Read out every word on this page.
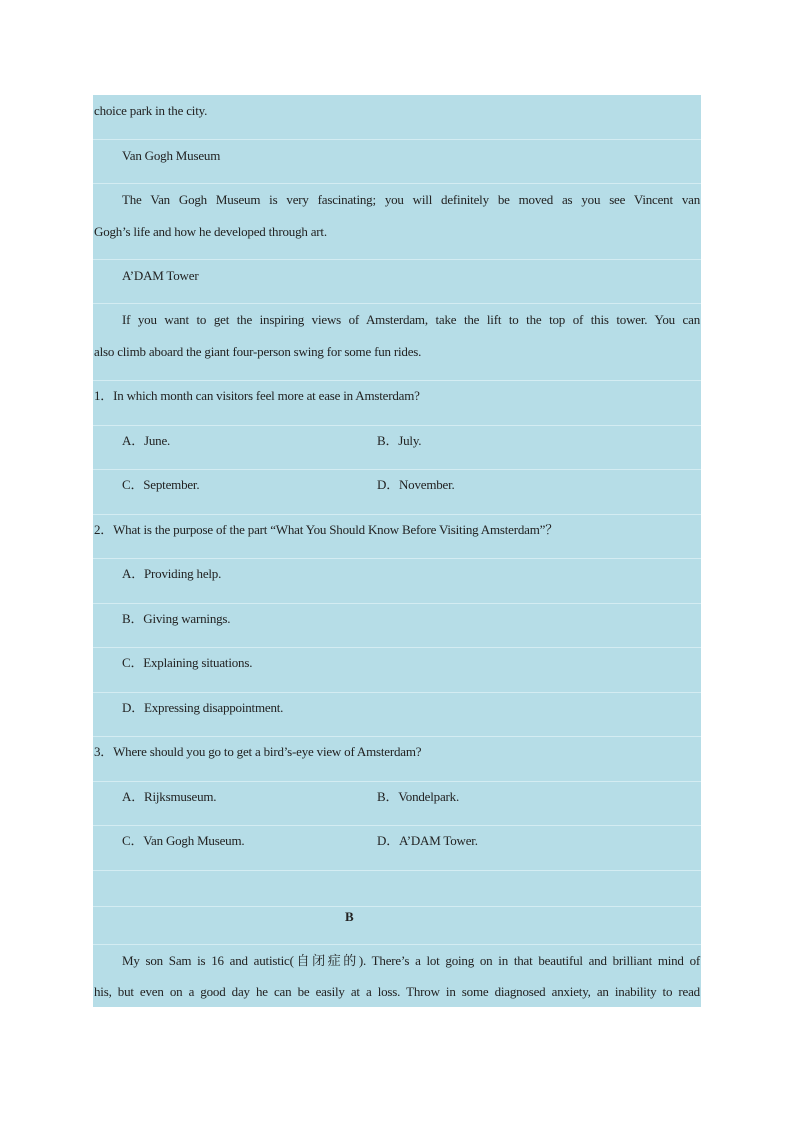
choice park in the city.
Van Gogh Museum
The Van Gogh Museum is very fascinating; you will definitely be moved as you see Vincent van
Gogh’s life and how he developed through art.
A’DAM Tower
If you want to get the inspiring views of Amsterdam, take the lift to the top of this tower. You can
also climb aboard the giant four-person swing for some fun rides.
1．In which month can visitors feel more at ease in Amsterdam?
A．June.	B．July.
C．September.	D．November.
2．What is the purpose of the part “What You Should Know Before Visiting Amsterdam”？
A．Providing help.
B．Giving warnings.
C．Explaining situations.
D．Expressing disappointment.
3．Where should you go to get a bird’s-eye view of Amsterdam?
A．Rijksmuseum.	B．Vondelpark.
C．Van Gogh Museum.	D．A’DAM Tower.
B
My son Sam is 16 and autistic(自闭症的). There’s a lot going on in that beautiful and brilliant mind of
his, but even on a good day he can be easily at a loss. Throw in some diagnosed anxiety, an inability to read
